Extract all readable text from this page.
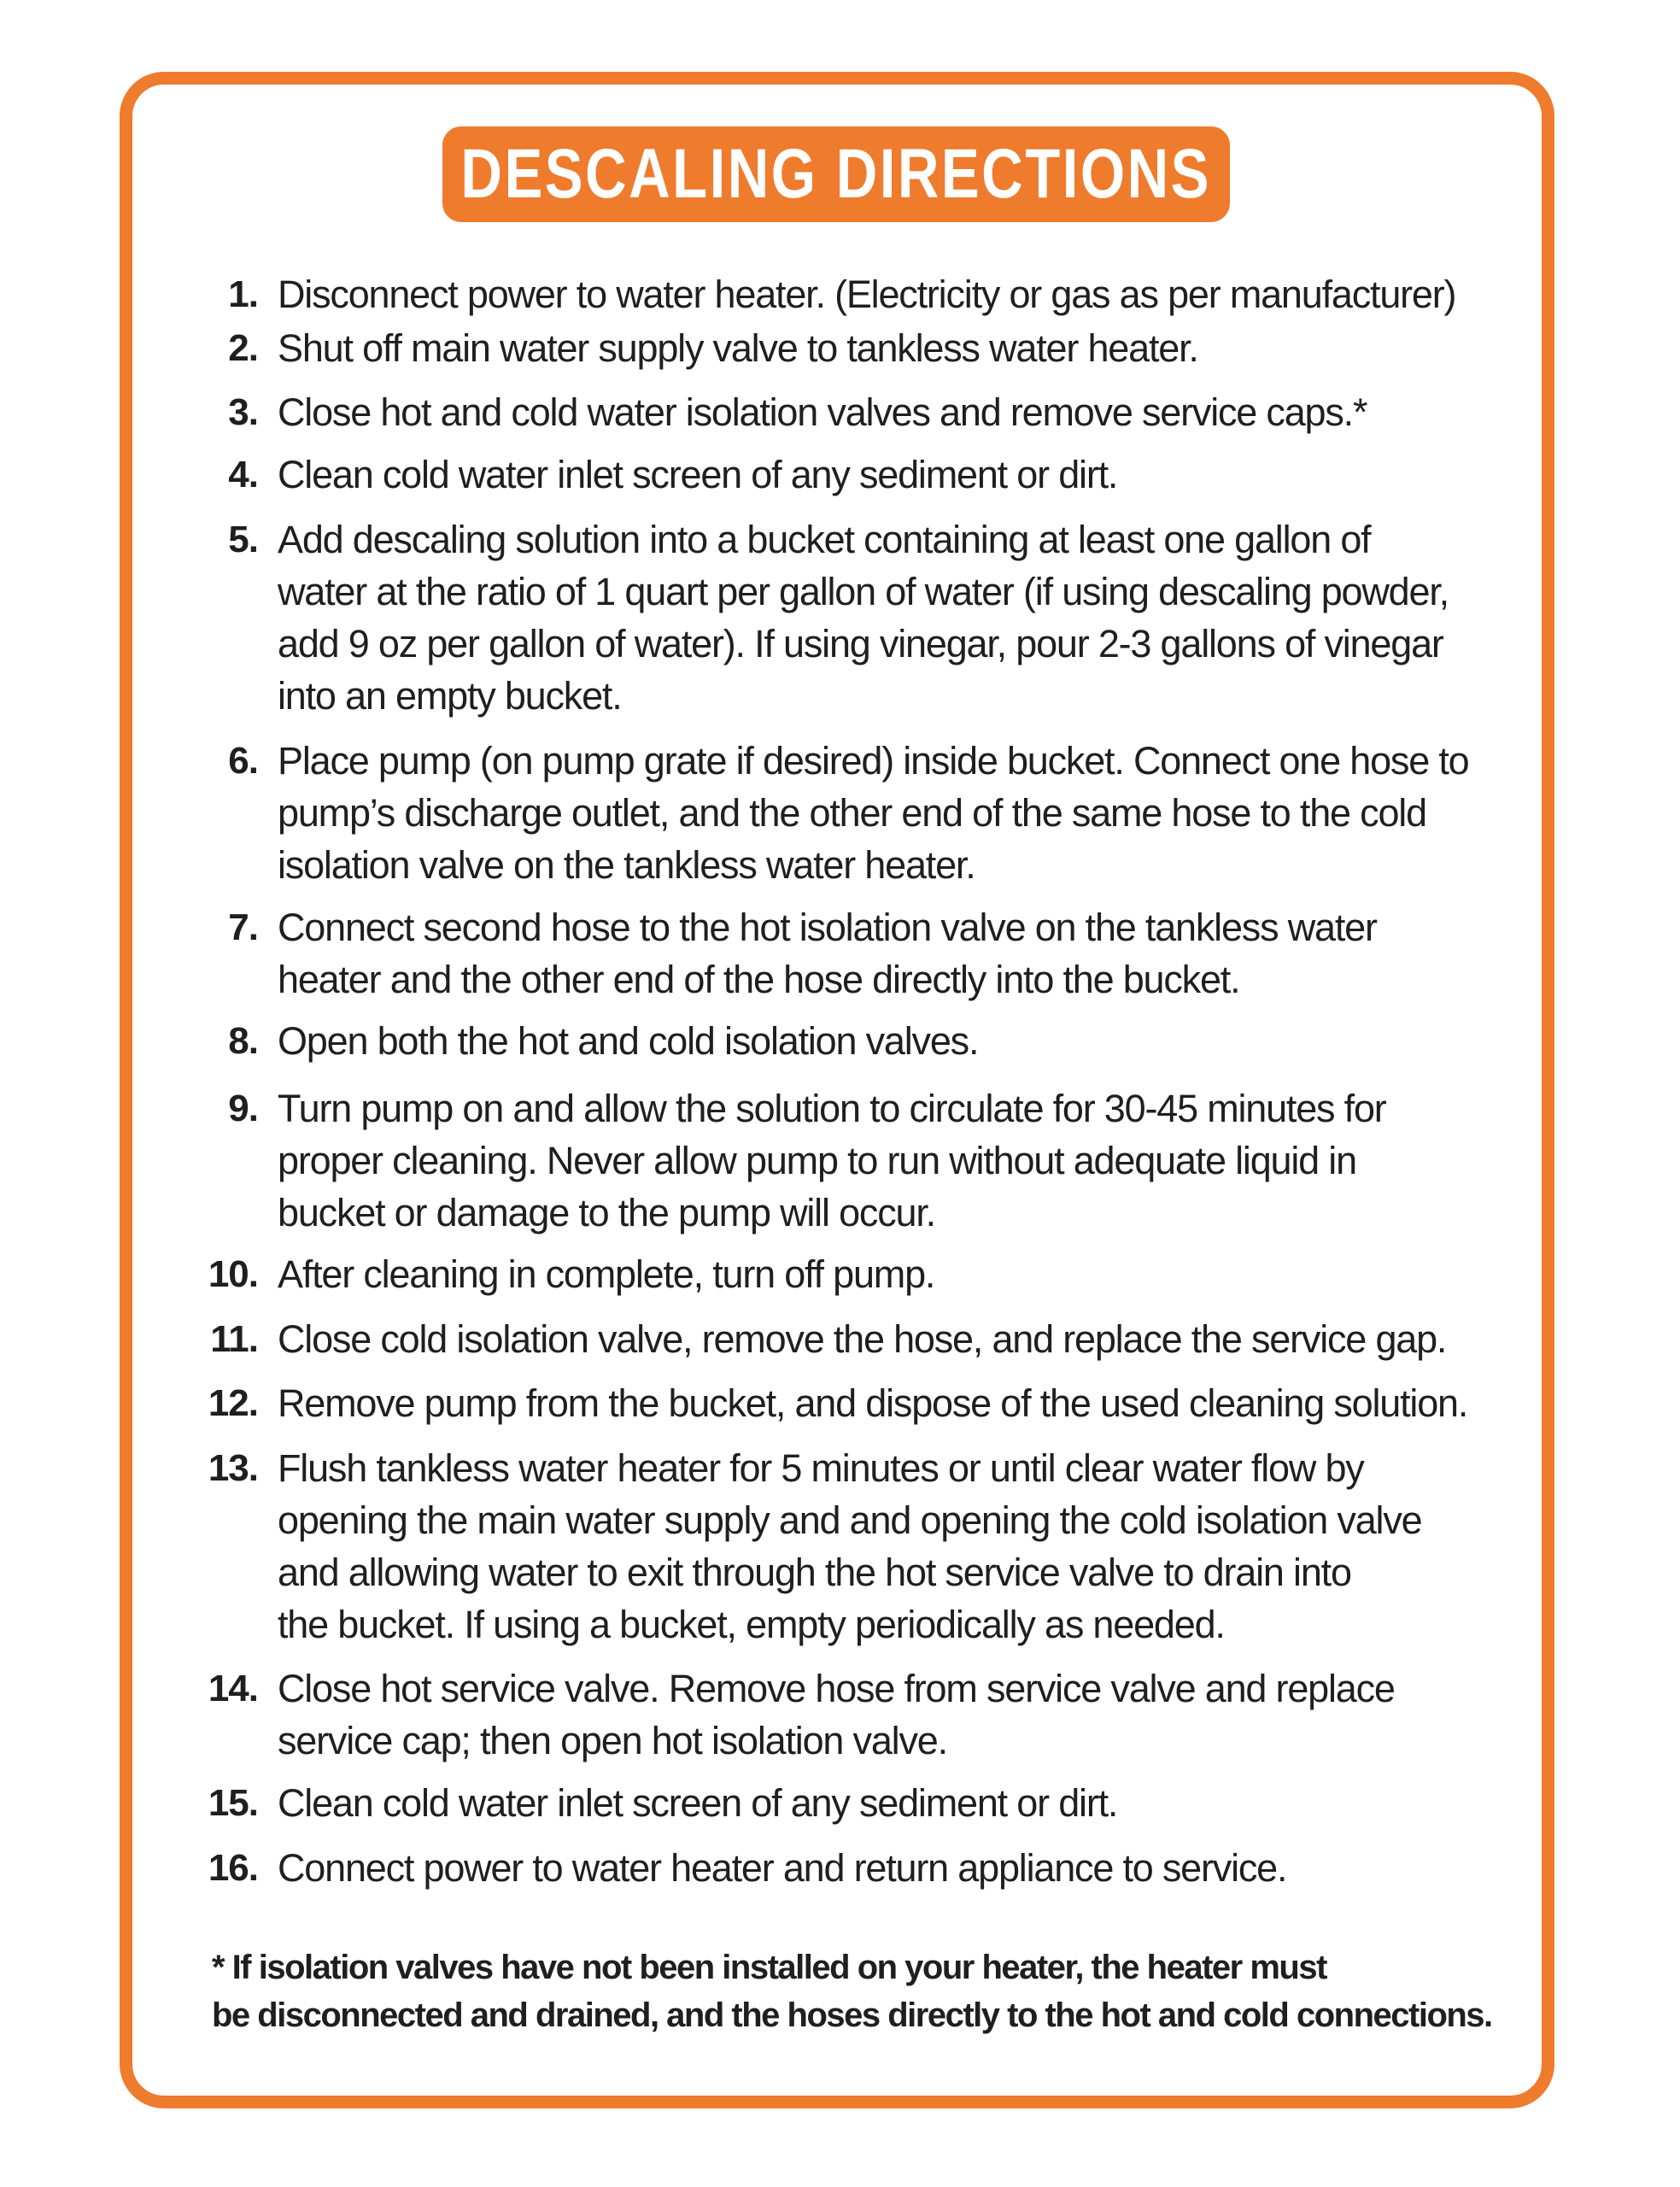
DESCALING DIRECTIONS
1. Disconnect power to water heater. (Electricity or gas as per manufacturer)
2. Shut off main water supply valve to tankless water heater.
3. Close hot and cold water isolation valves and remove service caps.*
4. Clean cold water inlet screen of any sediment or dirt.
5. Add descaling solution into a bucket containing at least one gallon of
water at the ratio of 1 quart per gallon of water (if using descaling powder,
add 9 oz per gallon of water). If using vinegar, pour 2-3 gallons of vinegar
into an empty bucket.
6. Place pump (on pump grate if desired) inside bucket. Connect one hose to
pump’s discharge outlet, and the other end of the same hose to the cold
isolation valve on the tankless water heater.
7. Connect second hose to the hot isolation valve on the tankless water
heater and the other end of the hose directly into the bucket.
8. Open both the hot and cold isolation valves.
9. Turn pump on and allow the solution to circulate for 30-45 minutes for
proper cleaning. Never allow pump to run without adequate liquid in
bucket or damage to the pump will occur.
10. After cleaning in complete, turn off pump.
11. Close cold isolation valve, remove the hose, and replace the service gap.
12. Remove pump from the bucket, and dispose of the used cleaning solution.
13. Flush tankless water heater for 5 minutes or until clear water flow by
opening the main water supply and and opening the cold isolation valve
and allowing water to exit through the hot service valve to drain into
the bucket. If using a bucket, empty periodically as needed.
14. Close hot service valve. Remove hose from service valve and replace
service cap; then open hot isolation valve.
15. Clean cold water inlet screen of any sediment or dirt.
16. Connect power to water heater and return appliance to service.
* If isolation valves have not been installed on your heater, the heater must
be disconnected and drained, and the hoses directly to the hot and cold connections.
